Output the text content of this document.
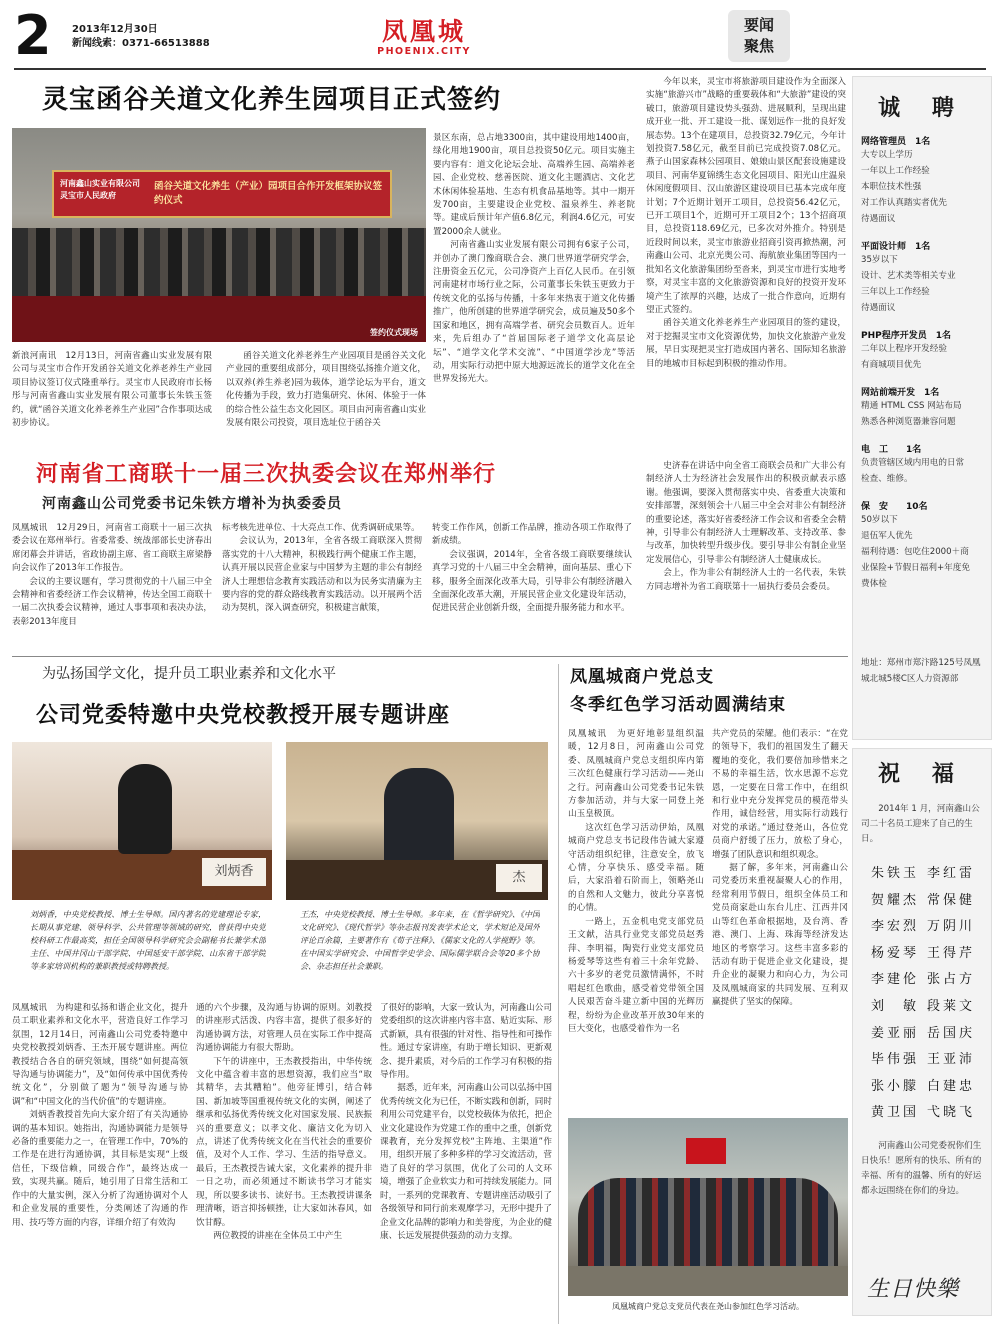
2 2013年12月30日
新闻线索：0371-66513888	凤凰城
PHOENIX.CITY
要闻
聚焦
灵宝函谷关道文化养生园项目正式签约
河南鑫山实业有限公司
灵宝市人民政府
函谷关道文化养生（产业）园项目合作开发框架协议签约仪式
签约仪式现场

新浪河南讯　12月13日，河南省鑫山实业发展有限公司与灵宝市合作开发函谷关道文化养老养生产业园项目协议签订仪式隆重举行。灵宝市人民政府市长杨彤与河南省鑫山实业发展有限公司董事长朱铁玉签约，就“函谷关道文化养老养生产业园”合作事项达成初步协议。

函谷关道文化养老养生产业园项目是函谷关文化产业园的重要组成部分，项目围绕弘扬推介道文化，以双养(养生养老)园为载体，道学论坛为平台，道文化传播为手段，致力打造集研究、休闲、体验于一体的综合性公益生态文化园区。项目由河南省鑫山实业发展有限公司投资，项目选址位于函谷关

景区东南，总占地3300亩，其中建设用地1400亩，绿化用地1900亩，项目总投资50亿元。项目实施主要内容有：道文化论坛会址、高端养生园、高端养老园、企业党校、慈善医院、道文化主题酒店、文化艺术休闲体验基地、生态有机食品基地等。其中一期开发700亩，主要建设企业党校、温泉养生、养老院等。建成后预计年产值6.8亿元，利润4.6亿元，可安置2000余人就业。

河南省鑫山实业发展有限公司拥有6家子公司，并创办了澳门豫商联合会、澳门世界道学研究学会，注册资金五亿元，公司净资产上百亿人民币。在引领河南建材市场行业之际，公司董事长朱铁玉更致力于传统文化的弘扬与传播，十多年来热衷于道文化传播推广，他所创建的世界道学研究会，成员遍及50多个国家和地区，拥有高端学者、研究会员数百人。近年来，先后组办了“首届国际老子道学文化高层论坛”、“道学文化学术交流”、“中国道学沙龙”等活动，用实际行动把中原大地源远流长的道学文化在全世界发扬光大。

今年以来，灵宝市将旅游项目建设作为全面深入实施“旅游兴市”战略的重要载体和“大旅游”建设的突破口，旅游项目建设势头强劲、进展顺利，呈现出建成开业一批、开工建设一批、谋划远作一批的良好发展态势。13个在建项目，总投资32.79亿元，今年计划投资7.58亿元，截至目前已完成投资7.08亿元。燕子山国家森林公园项目、娘娘山景区配套设施建设项目、河南华夏锦绣生态文化园项目、阳光山庄温泉休闲度假项目、汉山旅游区建设项目已基本完成年度计划；7个近期计划开工项目，总投资56.42亿元，已开工项目1个，近期可开工项目2个；13个招商项目，总投资118.69亿元，已多次对外推介。特别是近段时间以来，灵宝市旅游业招商引资再掀热潮，河南鑫山公司、北京光奥公司、海航旅业集团等国内一批知名文化旅游集团纷至沓来，到灵宝市进行实地考察，对灵宝丰富的文化旅游资源和良好的投资开发环境产生了浓厚的兴趣，达成了一批合作意向，近期有望正式签约。

函谷关道文化养老养生产业园项目的签约建设，对于挖掘灵宝市文化资源优势，加快文化旅游产业发展，早日实现把灵宝打造成国内著名、国际知名旅游目的地城市目标起到积极的推动作用。

河南省工商联十一届三次执委会议在郑州举行
河南鑫山公司党委书记朱铁方增补为执委委员

凤凰城讯　12月29日，河南省工商联十一届三次执委会议在郑州举行。省委常委、统战部部长史济春出席闭幕会并讲话，省政协副主席、省工商联主席梁静向会议作了2013年工作报告。

会议的主要议题有，学习贯彻党的十八届三中全会精神和省委经济工作会议精神，传达全国工商联十一届二次执委会议精神，通过人事事项和表决办法，表彰2013年度目

标考核先进单位、十大亮点工作、优秀调研成果等。

会议认为，2013年，全省各级工商联深入贯彻落实党的十八大精神，积极践行两个健康工作主题，认真开展以民营企业家与中国梦为主题的非公有制经济人士理想信念教育实践活动和以为民务实清廉为主要内容的党的群众路线教育实践活动。以开展两个活动为契机，深入调查研究，积极建言献策，

转变工作作风，创新工作品牌，推动各项工作取得了新成绩。

会议强调，2014年，全省各级工商联要继续认真学习党的十八届三中全会精神，面向基层、重心下移，服务全面深化改革大局，引导非公有制经济融入全面深化改革大潮，开展民营企业文化建设年活动，促进民营企业创新升级，全面提升服务能力和水平。

史济春在讲话中向全省工商联会员和广大非公有制经济人士为经济社会发展作出的积极贡献表示感谢。他强调，要深入贯彻落实中央、省委重大决策和安排部署，深刻领会十八届三中全会对非公有制经济的重要论述，落实好省委经济工作会议和省委全会精神，引导非公有制经济人士理解改革、支持改革、参与改革，加快转型升级步伐。要引导非公有制企业坚定发展信心，引导非公有制经济人士健康成长。

会上，作为非公有制经济人士的一名代表，朱铁方同志增补为省工商联第十一届执行委员会委员。

为弘扬国学文化，提升员工职业素养和文化水平
公司党委特邀中央党校教授开展专题讲座
刘炳香	杰
刘炳香，中央党校教授、博士生导师。国内著名的党建理论专家，长期从事党建、领导科学、公共管理等领域的研究，曾获得中央党校科研工作最高奖，担任全国领导科学研究会会副秘书长兼学术部主任、中国井冈山干部学院、中国延安干部学院、山东省干部学院等多家培训机构的兼职教授或特聘教授。
王杰，中央党校教授、博士生导师。多年来，在《哲学研究》、《中国文化研究》、《现代哲学》等杂志报刊发表学术论文，学术短论及国外评论百余篇，主要著作有《荀子注释》、《儒家文化的人学视野》等。在中国实学研究会、中国哲学史学会、国际儒学联合会等20多个协会、杂志担任社会兼职。

凤凰城讯　为构建和弘扬和谐企业文化，提升员工职业素养和文化水平，营造良好工作学习氛围，12月14日，河南鑫山公司党委特邀中央党校教授刘炳香、王杰开展专题讲座。两位教授结合各自的研究领域，围绕“如何提高领导沟通与协调能力”，及“如何传承中国优秀传统文化”，分别做了题为“领导沟通与协调”和“中国文化的当代价值”的专题讲座。

刘炳香教授首先向大家介绍了有关沟通协调的基本知识。她指出，沟通协调能力是领导必备的重要能力之一，在管理工作中，70%的工作是在进行沟通协调，其目标是实现“上级信任，下级信赖，同级合作”，最终达成一致，实现共赢。随后，她引用了日常生活和工作中的大量实例，深入分析了沟通协调对个人和企业发展的重要性，分类阐述了沟通的作用、技巧等方面的内容，详细介绍了有效沟

通的六个步骤，及沟通与协调的原则。刘教授的讲座形式活泼、内容丰富，提供了很多好的沟通协调方法，对管理人员在实际工作中提高沟通协调能力有很大帮助。

下午的讲座中，王杰教授指出，中华传统文化中蕴含着丰富的思想资源，我们应当“取其精华，去其糟粕”。他旁征博引，结合韩国、新加坡等国重视传统文化的实例，阐述了继承和弘扬优秀传统文化对国家发展、民族振兴的重要意义；以孝文化、廉洁文化为切入点，讲述了优秀传统文化在当代社会的重要价值，及对个人工作、学习、生活的指导意义。最后，王杰教授告诫大家，文化素养的提升非一日之功，而必须通过不断读书学习才能实现，所以要多读书、读好书。王杰教授讲课条理清晰，语言抑扬顿挫，让大家如沐春风，如饮甘醇。

两位教授的讲座在全体员工中产生

了很好的影响，大家一致认为，河南鑫山公司党委组织的这次讲座内容丰富、贴近实际、形式新颖，具有很强的针对性、指导性和可操作性。通过专家讲座，有助于增长知识、更新观念、提升素质，对今后的工作学习有积极的指导作用。

据悉，近年来，河南鑫山公司以弘扬中国优秀传统文化为已任，不断实践和创新，同时利用公司党建平台，以党校载体为依托，把企业文化建设作为党建工作的重中之重，创新党课教育，充分发挥党校“主阵地、主渠道”作用，组织开展了多种多样的学习交流活动，营造了良好的学习氛围，优化了公司的人文环境，增强了企业软实力和可持续发展能力。同时，一系列的党课教育、专题讲座活动吸引了各级领导和同行前来观摩学习，无形中提升了企业文化品牌的影响力和美誉度，为企业的健康、长远发展提供强劲的动力支撑。

凤凰城商户党总支
冬季红色学习活动圆满结束

凤凰城讯　为更好地彰显组织温暖，12月8日，河南鑫山公司党委、凤凰城商户党总支组织库内第三次红色健康行学习活动——尧山之行。河南鑫山公司党委书记朱铁方参加活动，并与大家一同登上尧山玉皇极顶。

这次红色学习活动伊始，凤凰城商户党总支书记段伟告诫大家遵守活动组织纪律，注意安全，放飞心情，分享快乐、感受幸福。随后，大家沿着石阶而上，领略尧山的自然和人文魅力，彼此分享喜悦的心情。

一路上，五金机电党支部党员王文献，洁具行业党支部党员赵秀萍、李明福，陶瓷行业党支部党员杨爱琴等这些有着三十余年党龄、六十多岁的老党员激情满怀，不时唱起红色歌曲，感受着党带领全国人民艰苦奋斗建立新中国的光辉历程，纷纷为企业改革开放30年来的巨大变化，也感受着作为一名

共产党员的荣耀。他们表示：“在党的领导下，我们的祖国发生了翻天覆地的变化，我们要倍加珍惜来之不易的幸福生活，饮水思源不忘党恩，一定要在日常工作中，在组织和行业中充分发挥党员的模范带头作用，诚信经营，用实际行动践行对党的承诺。”通过登尧山，各位党员商户舒缓了压力，放松了身心，增强了团队意识和组织观念。

据了解，多年来，河南鑫山公司党委历来重视凝聚人心的作用，经常利用节假日，组织全体员工和党员商家赴山东台儿庄、江西井冈山等红色革命根据地，及台湾、香港、澳门、上海、珠海等经济发达地区的考察学习。这些丰富多彩的活动有助于促进企业文化建设，提升企业的凝聚力和向心力，为公司及凤凰城商家的共同发展、互利双赢提供了坚实的保障。

凤凰城商户党总支党员代表在尧山参加红色学习活动。
诚 聘
网络管理员　1名
大专以上学历
一年以上工作经验
本职位技术性强
对工作认真踏实者优先
待遇面议
平面设计师　1名
35岁以下
设计、艺术类等相关专业
三年以上工作经验
待遇面议
PHP程序开发员　1名
二年以上程序开发经验
有商城项目优先
网站前端开发　1名
精通 HTML CSS 网站布局
熟悉各种浏览器兼容问题
电　工　　1名
负责管辖区域内用电的日常
检查、维修。
保　安　　10名
50岁以下
退伍军人优先
福利待遇：包吃住2000＋商
业保险+节假日福利+年度免
费体检
地址：郑州市郑汴路125号凤凰城北城5楼C区人力资源部
祝 福
2014年 1 月，河南鑫山公司二十名员工迎来了自己的生日。
朱铁玉 李红雷
贺耀杰 常保健
李宏烈 万阴川
杨爱琴 王得芹
李建伦 张占方
刘　敏 段莱文
姜亚丽 岳国庆
毕伟强 王亚沛
张小朦 白建忠
黄卫国 弋晓飞
河南鑫山公司党委祝你们生日快乐！愿所有的快乐、所有的幸福、所有的温馨、所有的好运都永远围绕在你们的身边。
生日快樂
